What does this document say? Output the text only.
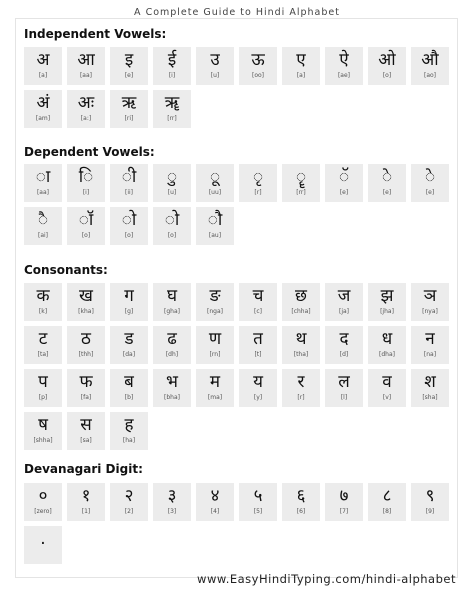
A Complete Guide to Hindi Alphabet
Independent Vowels:
अ
[a]
आ
[aa]
इ
[e]
ई
[i]
उ
[u]
ऊ
[oo]
ए
[a]
ऐ
[ae]
ओ
[o]
औ
[ao]
अं
[am]
अः
[a:]
ऋ
[ri]
ॠ
[rr]
Dependent Vowels:
◌ा
[aa]
◌ि
[i]
◌ी
[ii]
◌ु
[u]
◌ू
[uu]
◌ृ
[r]
◌ॄ
[rr]
◌ॅ
[e]
◌े
[e]
◌े
[e]
◌ै
[ai]
◌ॉ
[o]
◌ो
[o]
◌ो
[o]
◌ौ
[au]
Consonants:
क
[k]
ख
[kha]
ग
[g]
घ
[gha]
ङ
[nga]
च
[c]
छ
[chha]
ज
[ja]
झ
[jha]
ञ
[nya]
ट
[ta]
ठ
[thh]
ड
[da]
ढ
[dh]
ण
[rn]
त
[t]
थ
[tha]
द
[d]
ध
[dha]
न
[na]
प
[p]
फ
[fa]
ब
[b]
भ
[bha]
म
[ma]
य
[y]
र
[r]
ल
[l]
व
[v]
श
[sha]
ष
[shha]
स
[sa]
ह
[ha]
Devanagari Digit:
०
[zero]
१
[1]
२
[2]
३
[3]
४
[4]
५
[5]
६
[6]
७
[7]
८
[8]
९
[9]
.
www.EasyHindiTyping.com/hindi-alphabet
